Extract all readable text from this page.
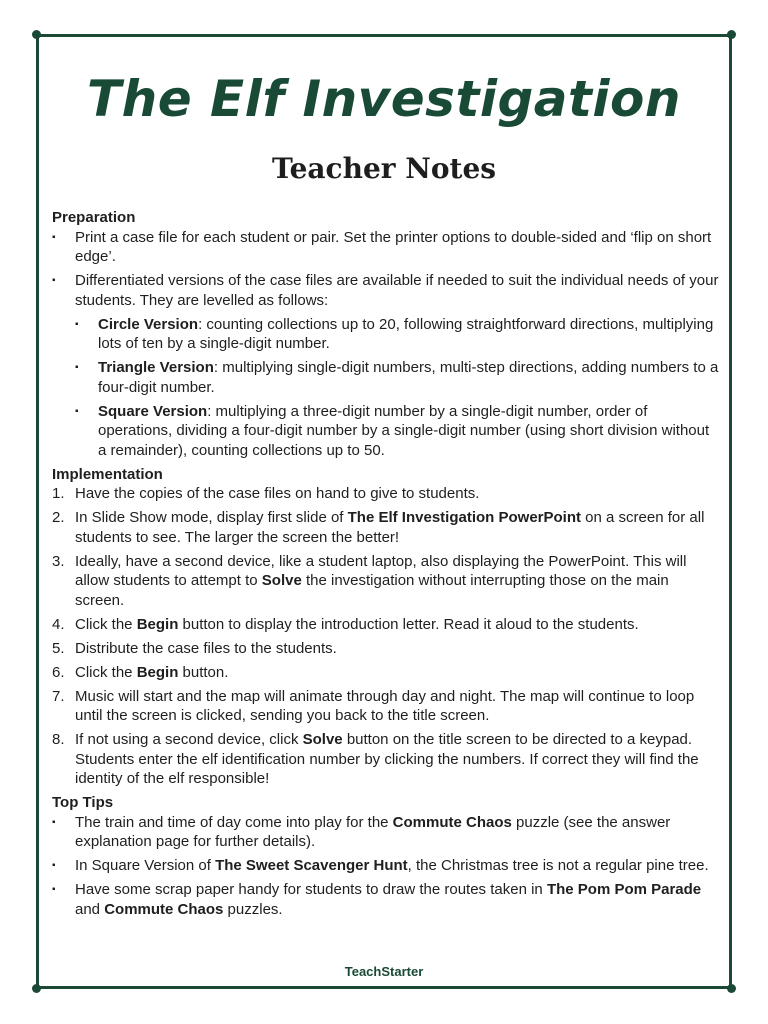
The Elf Investigation
Teacher Notes
Preparation
▪ Print a case file for each student or pair. Set the printer options to double-sided and ‘flip on short edge’.
▪ Differentiated versions of the case files are available if needed to suit the individual needs of your students. They are levelled as follows:
▪ Circle Version: counting collections up to 20, following straightforward directions, multiplying lots of ten by a single-digit number.
▪ Triangle Version: multiplying single-digit numbers, multi-step directions, adding numbers to a four-digit number.
▪ Square Version: multiplying a three-digit number by a single-digit number, order of operations, dividing a four-digit number by a single-digit number (using short division without a remainder), counting collections up to 50.
Implementation
1. Have the copies of the case files on hand to give to students.
2. In Slide Show mode, display first slide of The Elf Investigation PowerPoint on a screen for all students to see. The larger the screen the better!
3. Ideally, have a second device, like a student laptop, also displaying the PowerPoint. This will allow students to attempt to Solve the investigation without interrupting those on the main screen.
4. Click the Begin button to display the introduction letter. Read it aloud to the students.
5. Distribute the case files to the students.
6. Click the Begin button.
7. Music will start and the map will animate through day and night. The map will continue to loop until the screen is clicked, sending you back to the title screen.
8. If not using a second device, click Solve button on the title screen to be directed to a keypad. Students enter the elf identification number by clicking the numbers. If correct they will find the identity of the elf responsible!
Top Tips
▪ The train and time of day come into play for the Commute Chaos puzzle (see the answer explanation page for further details).
▪ In Square Version of The Sweet Scavenger Hunt, the Christmas tree is not a regular pine tree.
▪ Have some scrap paper handy for students to draw the routes taken in The Pom Pom Parade and Commute Chaos puzzles.
TeachStarter
